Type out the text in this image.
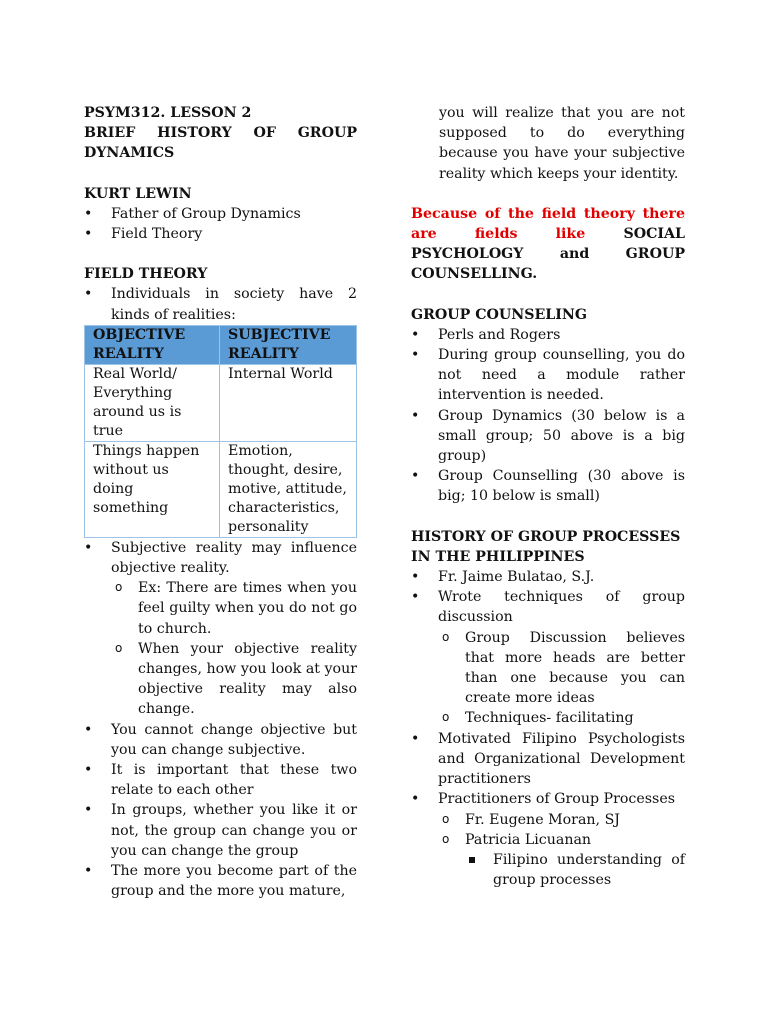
PSYM312. LESSON 2

BRIEF HISTORY OF GROUP

DYNAMICS

KURT LEWIN

• Father of Group Dynamics
• Field Theory

FIELD THEORY

• Individuals in society have 2 kinds of realities:
OBJECTIVE REALITY	SUBJECTIVE REALITY
Real World/ Everything around us is true	Internal World
Things happen without us doing something	Emotion, thought, desire, motive, attitude, characteristics, personality
• Subjective reality may influence objective reality.
o Ex: There are times when you feel guilty when you do not go to church.
o When your objective reality changes, how you look at your objective reality may also change.
• You cannot change objective but you can change subjective.
• It is important that these two relate to each other
• In groups, whether you like it or not, the group can change you or you can change the group
• The more you become part of the group and the more you mature,

you will realize that you are not supposed to do everything because you have your subjective reality which keeps your identity.

Because of the field theory there are fields like	SOCIAL PSYCHOLOGY and GROUP COUNSELLING.

GROUP COUNSELING

• Perls and Rogers
• During group counselling, you do not need a module rather intervention is needed.
• Group Dynamics (30 below is a small group; 50 above is a big group)
• Group Counselling (30 above is big; 10 below is small)

HISTORY OF GROUP PROCESSES IN THE PHILIPPINES

• Fr. Jaime Bulatao, S.J.
• Wrote techniques of group discussion
o Group Discussion believes that more heads are better than one because you can create more ideas
o Techniques- facilitating
• Motivated Filipino Psychologists and Organizational Development practitioners
• Practitioners of Group Processes
o Fr. Eugene Moran, SJ
o Patricia Licuanan
Filipino understanding of group processes
